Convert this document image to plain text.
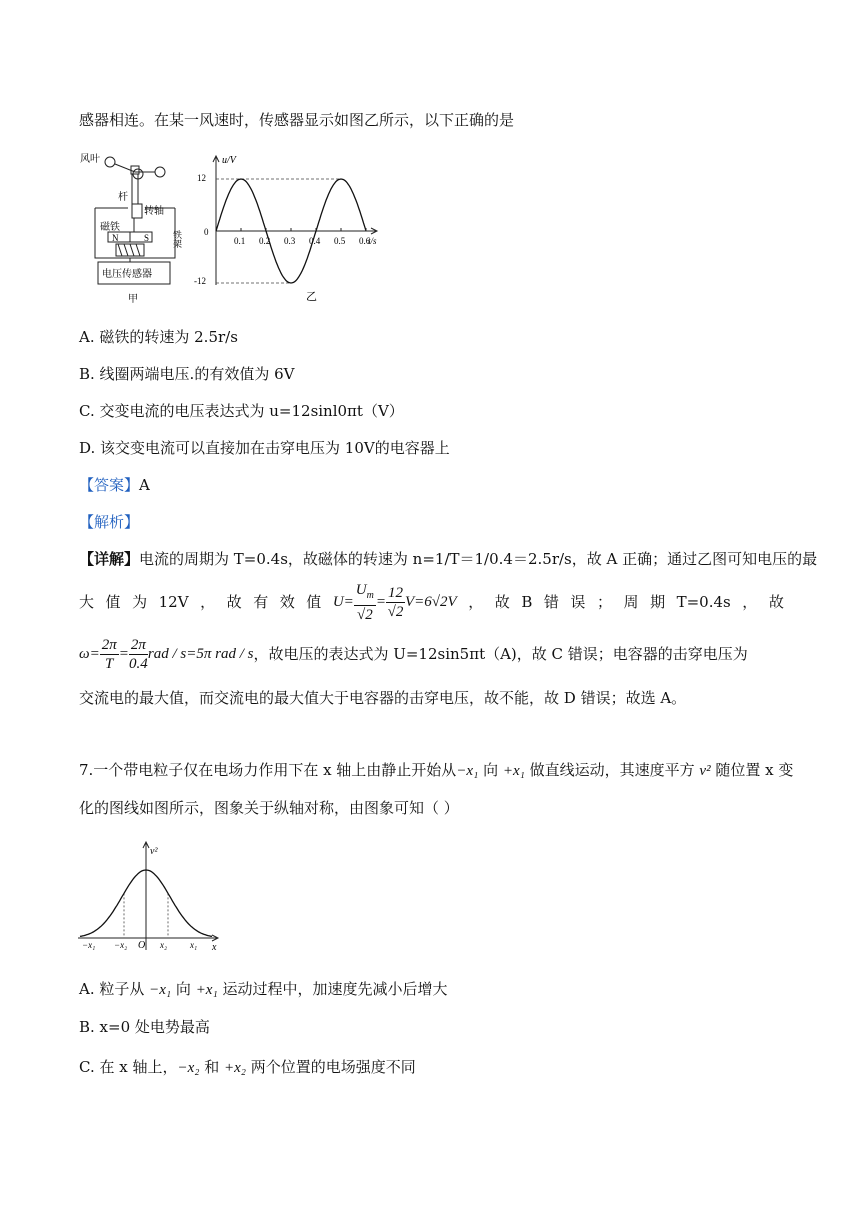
感器相连。在某一风速时，传感器显示如图乙所示，以下正确的是
风叶
杆
转轴
磁铁
N	S	铁架
电压传感器
甲
0.1 0.2 0.3 0.4 0.5 0.6
u/V
t/s
0
12
-12
乙
A. 磁铁的转速为 2.5r/s
B. 线圈两端电压.的有效值为 6V
C. 交变电流的电压表达式为 u=12sinl0πt（V）
D. 该交变电流可以直接加在击穿电压为 10V的电容器上
【答案】A
【解析】
【详解】电流的周期为 T=0.4s，故磁体的转速为 n=1/T＝1/0.4＝2.5r/s，故 A 正确；通过乙图可知电压的最
大 值 为 12V ， 故 有 效 值 $U= \frac{U_m}{√2} = \frac{12}{√2} V=6√2V$ ， 故 B 错 误 ； 周 期 T=0.4s ， 故
$\omega= \frac{2\pi}{T} = \frac{2\pi}{0.4}$ rad / s=5π rad / s ，故电压的表达式为 U=12sin5πt（A)，故 C 错误；电容器的击穿电压为
交流电的最大值，而交流电的最大值大于电容器的击穿电压，故不能，故 D 错误；故选 A。
7.一个带电粒子仅在电场力作用下在 x 轴上由静止开始从−x₁ 向 +x₁ 做直线运动，其速度平方 v² 随位置 x 变
化的图线如图所示，图象关于纵轴对称，由图象可知（ ）
v²
x
−x₁ −x₂ O x₂	x₁
A. 粒子从 −x₁ 向 +x₁ 运动过程中，加速度先减小后增大
B. x=0 处电势最高
C. 在 x 轴上，−x₂ 和 +x₂ 两个位置的电场强度不同
